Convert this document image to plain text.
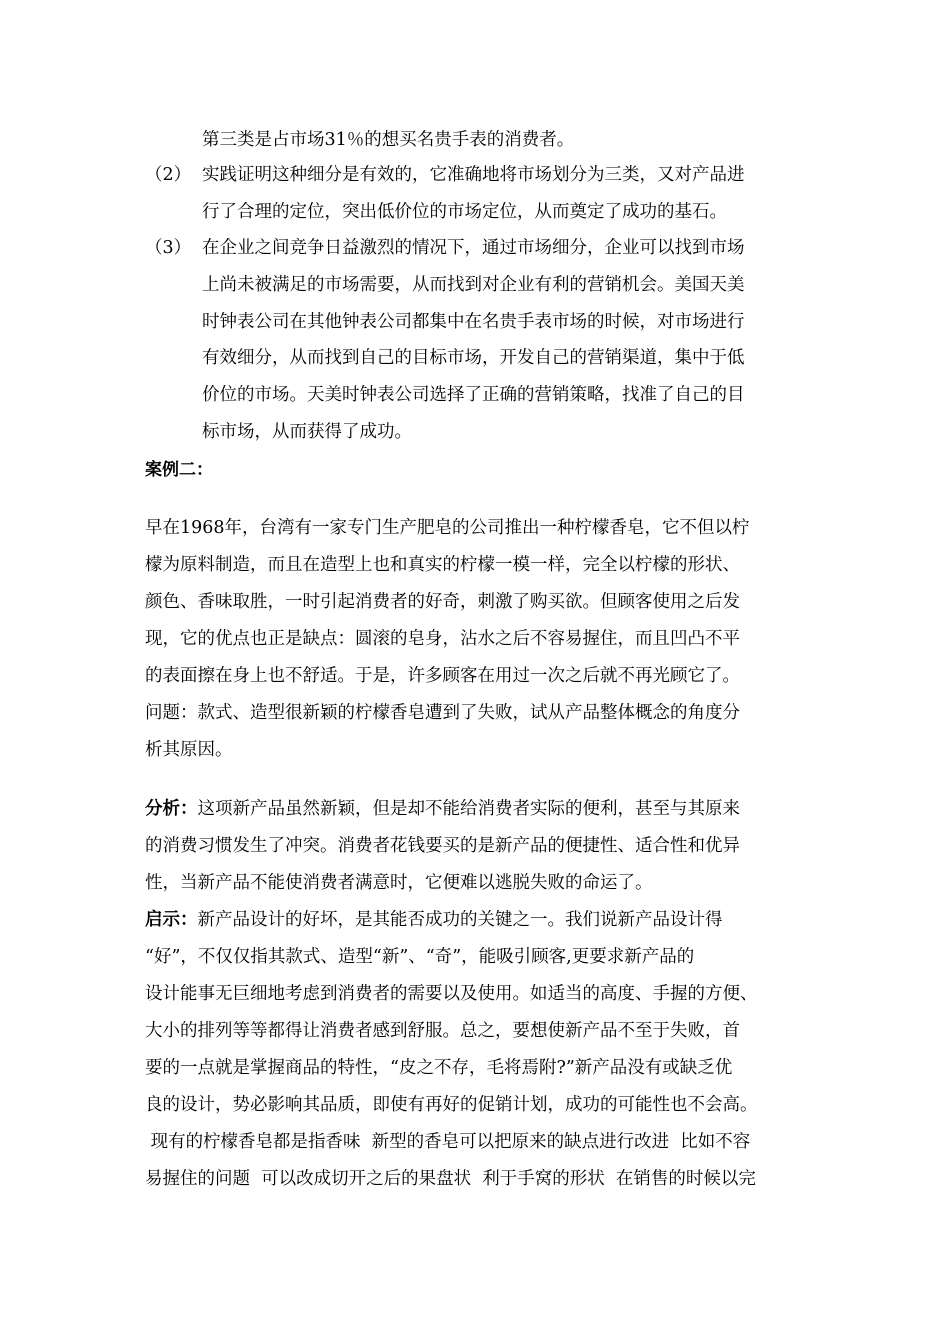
第三类是占市场31％的想买名贵手表的消费者。
（2） 实践证明这种细分是有效的，它准确地将市场划分为三类，又对产品进
行了合理的定位，突出低价位的市场定位，从而奠定了成功的基石。
（3） 在企业之间竞争日益激烈的情况下，通过市场细分，企业可以找到市场
上尚未被满足的市场需要，从而找到对企业有利的营销机会。美国天美
时钟表公司在其他钟表公司都集中在名贵手表市场的时候，对市场进行
有效细分，从而找到自己的目标市场，开发自己的营销渠道，集中于低
价位的市场。天美时钟表公司选择了正确的营销策略，找准了自己的目
标市场，从而获得了成功。
案例二：
早在1968年，台湾有一家专门生产肥皂的公司推出一种柠檬香皂，它不但以柠
檬为原料制造，而且在造型上也和真实的柠檬一模一样，完全以柠檬的形状、
颜色、香味取胜，一时引起消费者的好奇，刺激了购买欲。但顾客使用之后发
现，它的优点也正是缺点：圆滚的皂身，沾水之后不容易握住，而且凹凸不平
的表面擦在身上也不舒适。于是，许多顾客在用过一次之后就不再光顾它了。
问题：款式、造型很新颖的柠檬香皂遭到了失败，试从产品整体概念的角度分
析其原因。
分析：这项新产品虽然新颖，但是却不能给消费者实际的便利，甚至与其原来
的消费习惯发生了冲突。消费者花钱要买的是新产品的便捷性、适合性和优异
性，当新产品不能使消费者满意时，它便难以逃脱失败的命运了。
启示：新产品设计的好坏，是其能否成功的关键之一。我们说新产品设计得
“好”，不仅仅指其款式、造型“新”、“奇”，能吸引顾客,更要求新产品的
设计能事无巨细地考虑到消费者的需要以及使用。如适当的高度、手握的方便、
大小的排列等等都得让消费者感到舒服。总之，要想使新产品不至于失败，首
要的一点就是掌握商品的特性，“皮之不存，毛将焉附?”新产品没有或缺乏优
良的设计，势必影响其品质，即使有再好的促销计划，成功的可能性也不会高。
现有的柠檬香皂都是指香味  新型的香皂可以把原来的缺点进行改进  比如不容
易握住的问题  可以改成切开之后的果盘状  利于手窝的形状  在销售的时候以完
